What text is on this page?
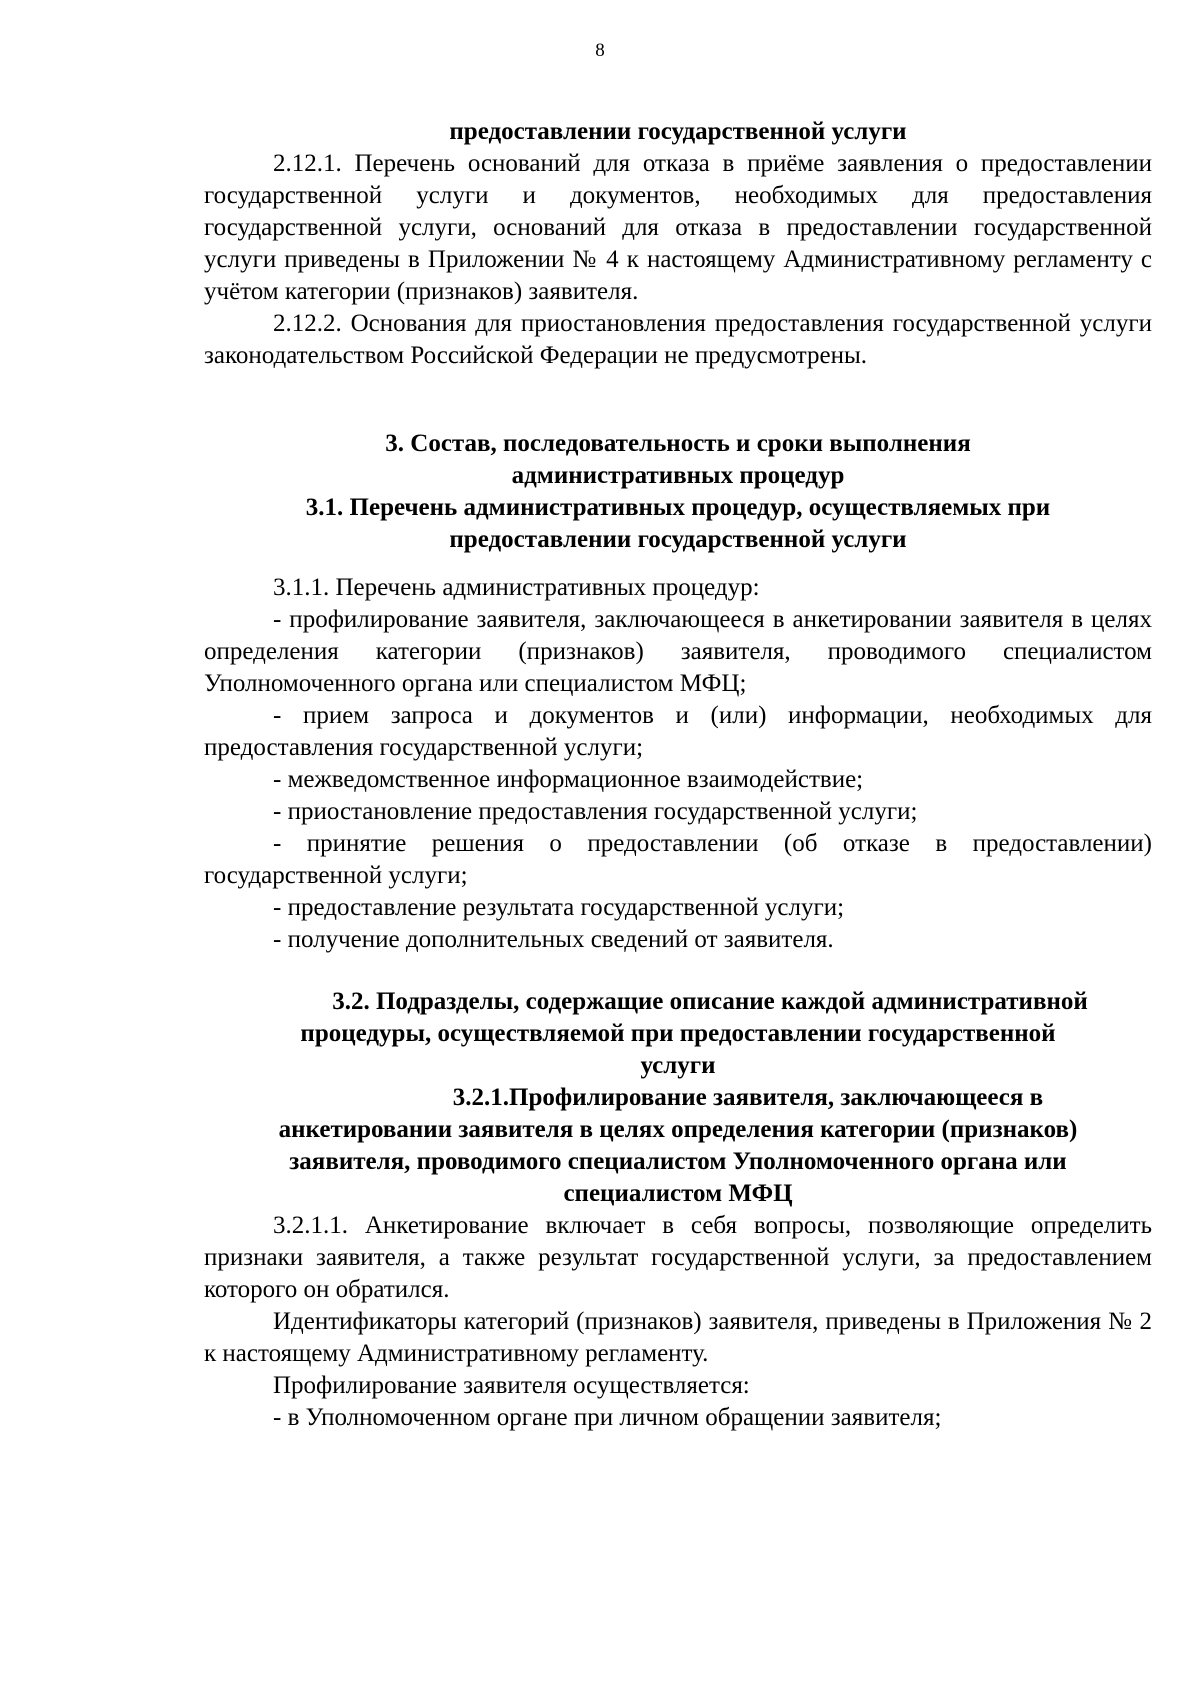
8

предоставлении государственной услуги

2.12.1. Перечень оснований для отказа в приёме заявления о предоставлении государственной услуги и документов, необходимых для предоставления государственной услуги, оснований для отказа в предоставлении государственной услуги приведены в Приложении № 4 к настоящему Административному регламенту с учётом категории (признаков) заявителя.

2.12.2. Основания для приостановления предоставления государственной услуги законодательством Российской Федерации не предусмотрены.

3. Состав, последовательность и сроки выполнения

административных процедур

3.1. Перечень административных процедур, осуществляемых при

предоставлении государственной услуги

3.1.1. Перечень административных процедур:

- профилирование заявителя, заключающееся в анкетировании заявителя в целях определения категории (признаков) заявителя, проводимого специалистом Уполномоченного органа или специалистом МФЦ;

- прием запроса и документов и (или) информации, необходимых для предоставления государственной услуги;

- межведомственное информационное взаимодействие;

- приостановление предоставления государственной услуги;

- принятие решения о предоставлении (об отказе в предоставлении) государственной услуги;

- предоставление результата государственной услуги;

- получение дополнительных сведений от заявителя.

3.2. Подразделы, содержащие описание каждой административной

процедуры, осуществляемой при предоставлении государственной

услуги

3.2.1.Профилирование заявителя, заключающееся в

анкетировании заявителя в целях определения категории (признаков)

заявителя, проводимого специалистом Уполномоченного органа или

специалистом МФЦ

3.2.1.1. Анкетирование включает в себя вопросы, позволяющие определить признаки заявителя, а также результат государственной услуги, за предоставлением которого он обратился.

Идентификаторы категорий (признаков) заявителя, приведены в Приложения № 2 к настоящему Административному регламенту.

Профилирование заявителя осуществляется:

- в Уполномоченном органе при личном обращении заявителя;
